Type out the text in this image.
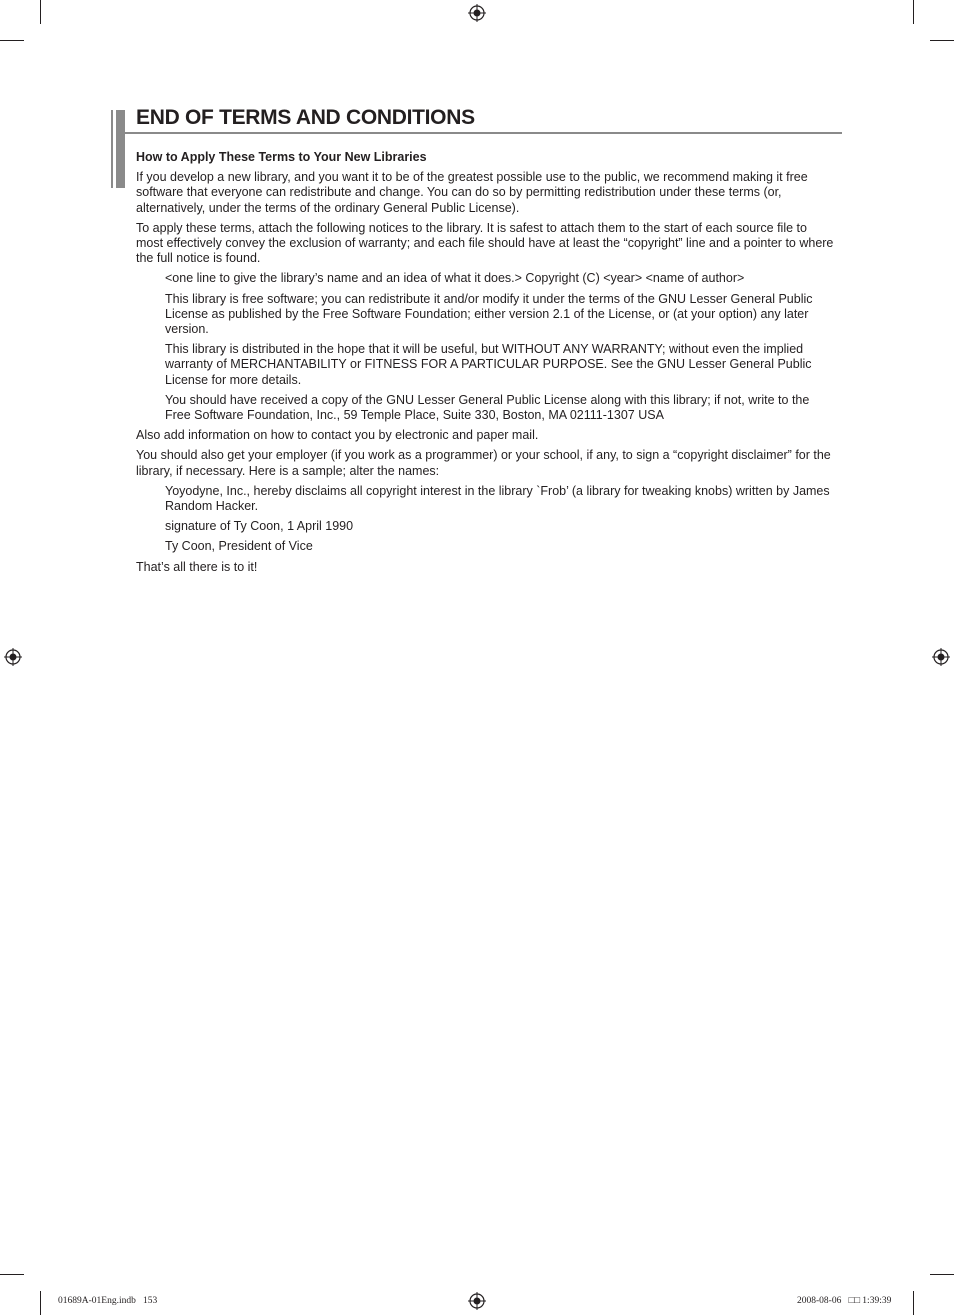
END OF TERMS AND CONDITIONS
How to Apply These Terms to Your New Libraries

If you develop a new library, and you want it to be of the greatest possible use to the public, we recommend making it free software that everyone can redistribute and change. You can do so by permitting redistribution under these terms (or, alternatively, under the terms of the ordinary General Public License).

To apply these terms, attach the following notices to the library. It is safest to attach them to the start of each source file to most effectively convey the exclusion of warranty; and each file should have at least the “copyright” line and a pointer to where the full notice is found.

<one line to give the library’s name and an idea of what it does.> Copyright (C) <year> <name of author>

This library is free software; you can redistribute it and/or modify it under the terms of the GNU Lesser General Public License as published by the Free Software Foundation; either version 2.1 of the License, or (at your option) any later version.

This library is distributed in the hope that it will be useful, but WITHOUT ANY WARRANTY; without even the implied warranty of MERCHANTABILITY or FITNESS FOR A PARTICULAR PURPOSE. See the GNU Lesser General Public License for more details.

You should have received a copy of the GNU Lesser General Public License along with this library; if not, write to the Free Software Foundation, Inc., 59 Temple Place, Suite 330, Boston, MA 02111-1307 USA

Also add information on how to contact you by electronic and paper mail.

You should also get your employer (if you work as a programmer) or your school, if any, to sign a “copyright disclaimer” for the library, if necessary. Here is a sample; alter the names:

Yoyodyne, Inc., hereby disclaims all copyright interest in the library `Frob’ (a library for tweaking knobs) written by James Random Hacker.

signature of Ty Coon, 1 April 1990

Ty Coon, President of Vice

That’s all there is to it!

01689A-01Eng.indb   153	2008-08-06   □□ 1:39:39
